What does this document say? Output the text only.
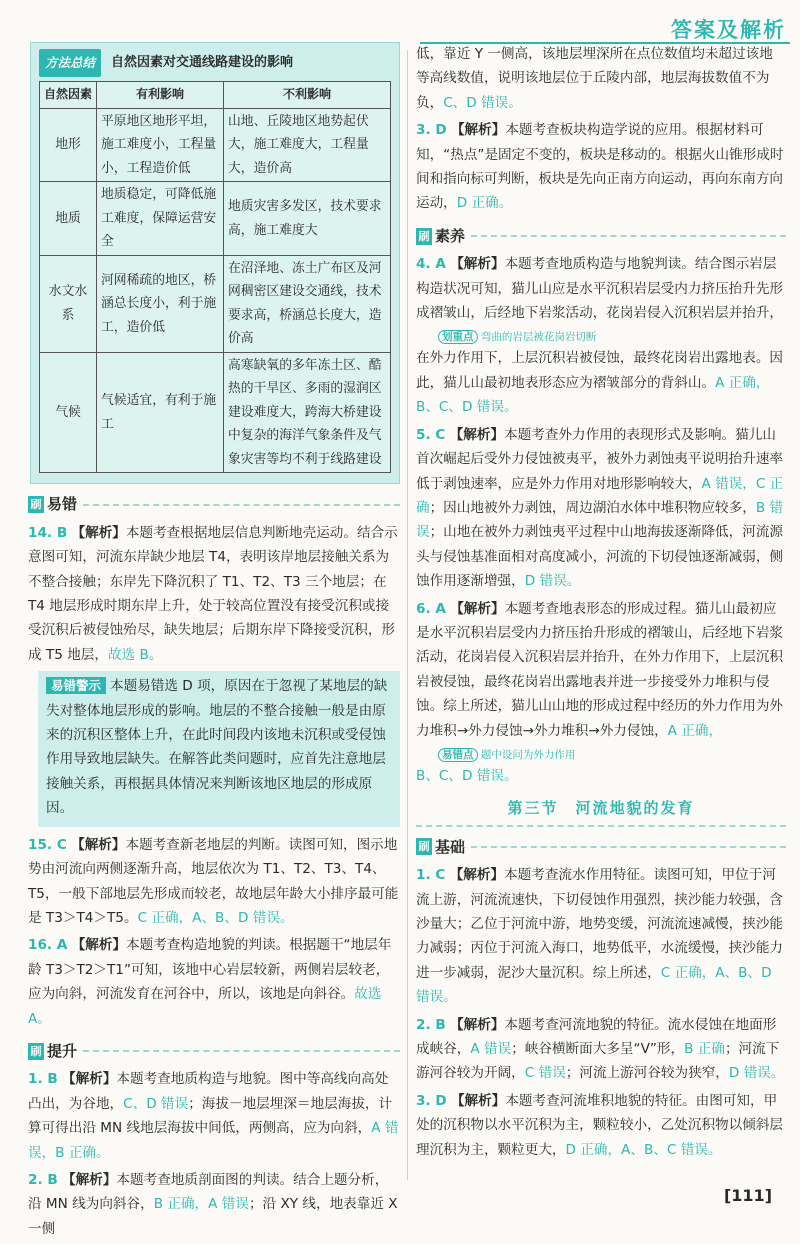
答案及解析
方法总结	自然因素对交通线路建设的影响
自然因素	有利影响	不利影响
地形	平原地区地形平坦，施工难度小，工程量小，工程造价低	山地、丘陵地区地势起伏大，施工难度大，工程量大，造价高
地质	地质稳定，可降低施工难度，保障运营安全	地质灾害多发区，技术要求高，施工难度大
水文水系	河网稀疏的地区，桥涵总长度小，利于施工，造价低	在沼泽地、冻土广布区及河网稠密区建设交通线，技术要求高，桥涵总长度大，造价高
气候	气候适宜，有利于施工	高寒缺氧的多年冻土区、酷热的干旱区、多雨的湿润区建设难度大，跨海大桥建设中复杂的海洋气象条件及气象灾害等均不利于线路建设
刷 易错

14. B 【解析】本题考查根据地层信息判断地壳运动。结合示意图可知，河流东岸缺少地层 T4，表明该岸地层接触关系为不整合接触；东岸先下降沉积了 T1、T2、T3 三个地层；在 T4 地层形成时期东岸上升，处于较高位置没有接受沉积或接受沉积后被侵蚀殆尽，缺失地层；后期东岸下降接受沉积，形成 T5 地层，故选 B。

易错警示 本题易错选 D 项，原因在于忽视了某地层的缺失对整体地层形成的影响。地层的不整合接触一般是由原来的沉积区整体上升，在此时间段内该地未沉积或受侵蚀作用导致地层缺失。在解答此类问题时，应首先注意地层接触关系，再根据具体情况来判断该地区地层的形成原因。

15. C 【解析】本题考查新老地层的判断。读图可知，图示地势由河流向两侧逐渐升高，地层依次为 T1、T2、T3、T4、T5，一般下部地层先形成而较老，故地层年龄大小排序最可能是 T3＞T4＞T5。C 正确，A、B、D 错误。

16. A 【解析】本题考查构造地貌的判读。根据题干“地层年龄 T3＞T2＞T1”可知，该地中心岩层较新，两侧岩层较老，应为向斜，河流发育在河谷中，所以，该地是向斜谷。故选 A。

刷 提升

1. B 【解析】本题考查地质构造与地貌。图中等高线向高处凸出，为谷地，C、D 错误；海拔－地层埋深＝地层海拔，计算可得出沿 MN 线地层海拔中间低，两侧高，应为向斜，A 错误，B 正确。

2. B 【解析】本题考查地质剖面图的判读。结合上题分析，沿 MN 线为向斜谷，B 正确，A 错误；沿 XY 线，地表靠近 X 一侧

低，靠近 Y 一侧高，该地层埋深所在点位数值均未超过该地等高线数值，说明该地层位于丘陵内部，地层海拔数值不为负，C、D 错误。

3. D 【解析】本题考查板块构造学说的应用。根据材料可知，“热点”是固定不变的，板块是移动的。根据火山锥形成时间和指向标可判断，板块是先向正南方向运动，再向东南方向运动，D 正确。

刷 素养

4. A 【解析】本题考查地质构造与地貌判读。结合图示岩层构造状况可知，猫儿山应是水平沉积岩层受内力挤压抬升先形成褶皱山，后经地下岩浆活动，花岗岩侵入沉积岩层并抬升，

划重点 弯曲的岩层被花岗岩切断

在外力作用下，上层沉积岩被侵蚀，最终花岗岩出露地表。因此，猫儿山最初地表形态应为褶皱部分的背斜山。A 正确，B、C、D 错误。

5. C 【解析】本题考查外力作用的表现形式及影响。猫儿山首次崛起后受外力侵蚀被夷平，被外力剥蚀夷平说明抬升速率低于剥蚀速率，应是外力作用对地形影响较大，A 错误，C 正确；因山地被外力剥蚀，周边湖泊水体中堆积物应较多，B 错误；山地在被外力剥蚀夷平过程中山地海拔逐渐降低，河流源头与侵蚀基准面相对高度减小，河流的下切侵蚀逐渐减弱，侧蚀作用逐渐增强，D 错误。

6. A 【解析】本题考查地表形态的形成过程。猫儿山最初应是水平沉积岩层受内力挤压抬升形成的褶皱山，后经地下岩浆活动，花岗岩侵入沉积岩层并抬升，在外力作用下，上层沉积岩被侵蚀，最终花岗岩出露地表并进一步接受外力堆积与侵蚀。综上所述，猫儿山山地的形成过程中经历的外力作用为外力堆积→外力侵蚀→外力堆积→外力侵蚀，A 正确，

易错点 题中设问为外力作用

B、C、D 错误。

第三节　河流地貌的发育
刷 基础

1. C 【解析】本题考查流水作用特征。读图可知，甲位于河流上游，河流流速快，下切侵蚀作用强烈，挟沙能力较强，含沙量大；乙位于河流中游，地势变缓，河流流速减慢，挟沙能力减弱；丙位于河流入海口，地势低平，水流缓慢，挟沙能力进一步减弱，泥沙大量沉积。综上所述，C 正确，A、B、D 错误。

2. B 【解析】本题考查河流地貌的特征。流水侵蚀在地面形成峡谷，A 错误；峡谷横断面大多呈“V”形，B 正确；河流下游河谷较为开阔，C 错误；河流上游河谷较为狭窄，D 错误。

3. D 【解析】本题考查河流堆积地貌的特征。由图可知，甲处的沉积物以水平沉积为主，颗粒较小，乙处沉积物以倾斜层理沉积为主，颗粒更大，D 正确，A、B、C 错误。

[111]
